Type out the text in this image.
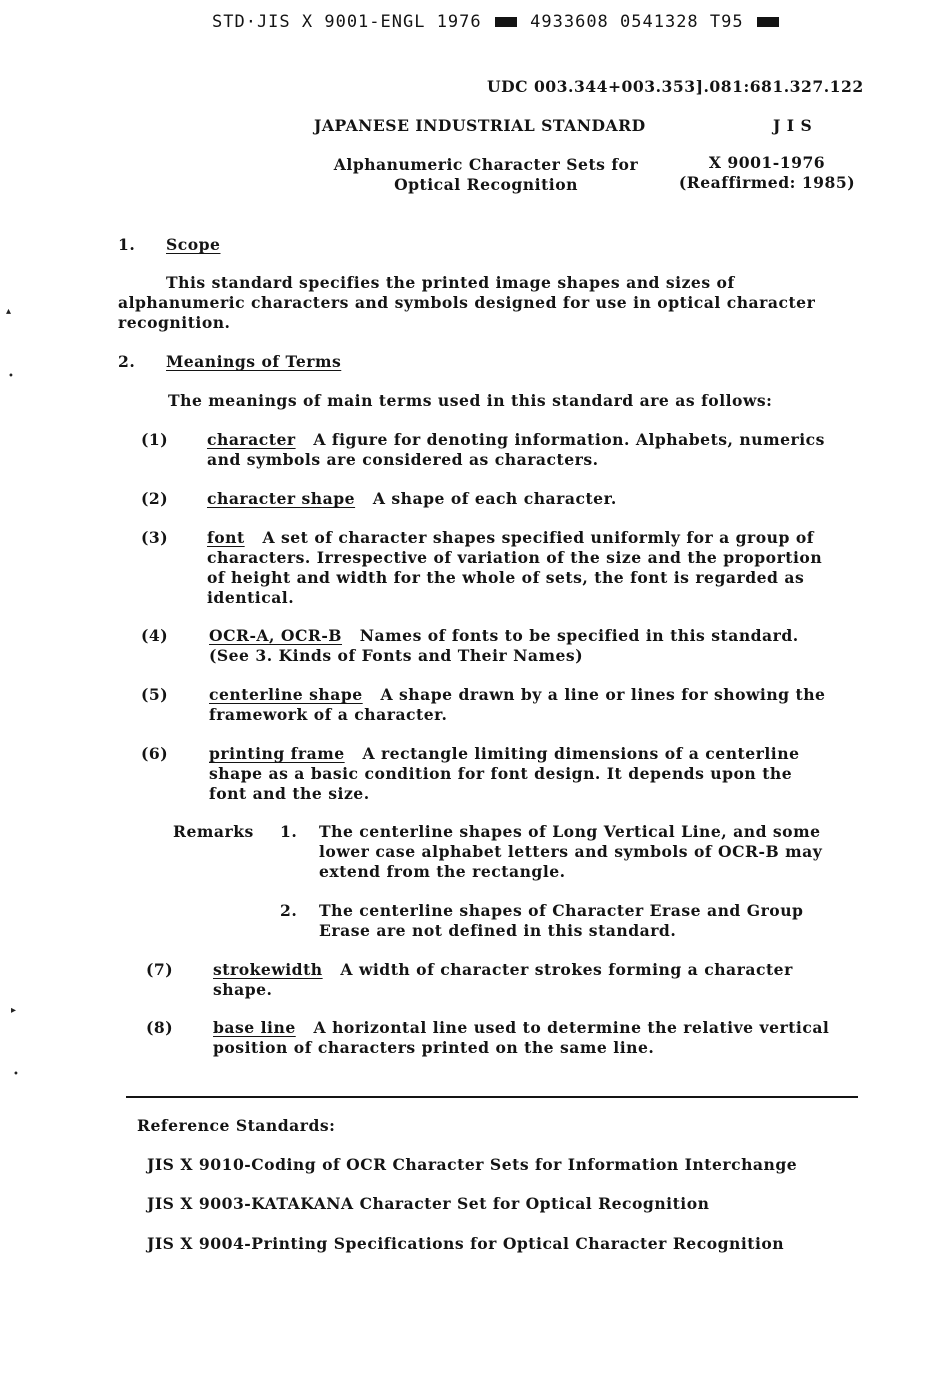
STD·JIS X 9001-ENGL 1976	4933608 0541328 T95
UDC 003.344+003.353].081:681.327.122
JAPANESE INDUSTRIAL STANDARD	J I S
Alphanumeric Character Sets for
Optical Recognition
X 9001-1976
(Reaffirmed: 1985)
1. Scope
This standard specifies the printed image shapes and sizes of
alphanumeric characters and symbols designed for use in optical character
recognition.
2. Meanings of Terms
The meanings of main terms used in this standard are as follows:
(1) character A figure for denoting information. Alphabets, numerics
and symbols are considered as characters.
(2) character shape A shape of each character.
(3) font A set of character shapes specified uniformly for a group of
characters. Irrespective of variation of the size and the proportion
of height and width for the whole of sets, the font is regarded as
identical.
(4)	OCR-A, OCR-B Names of fonts to be specified in this standard.
(See 3. Kinds of Fonts and Their Names)
(5)	centerline shape A shape drawn by a line or lines for showing the
framework of a character.
(6)	printing frame A rectangle limiting dimensions of a centerline
shape as a basic condition for font design. It depends upon the
font and the size.
Remarks 1. The centerline shapes of Long Vertical Line, and some
lower case alphabet letters and symbols of OCR-B may
extend from the rectangle.
2. The centerline shapes of Character Erase and Group
Erase are not defined in this standard.
(7)	strokewidth A width of character strokes forming a character
shape.
(8)	base line A horizontal line used to determine the relative vertical
position of characters printed on the same line.
Reference Standards:
JIS X 9010-Coding of OCR Character Sets for Information Interchange
JIS X 9003-KATAKANA Character Set for Optical Recognition
JIS X 9004-Printing Specifications for Optical Character Recognition
▴
•
▸
•
